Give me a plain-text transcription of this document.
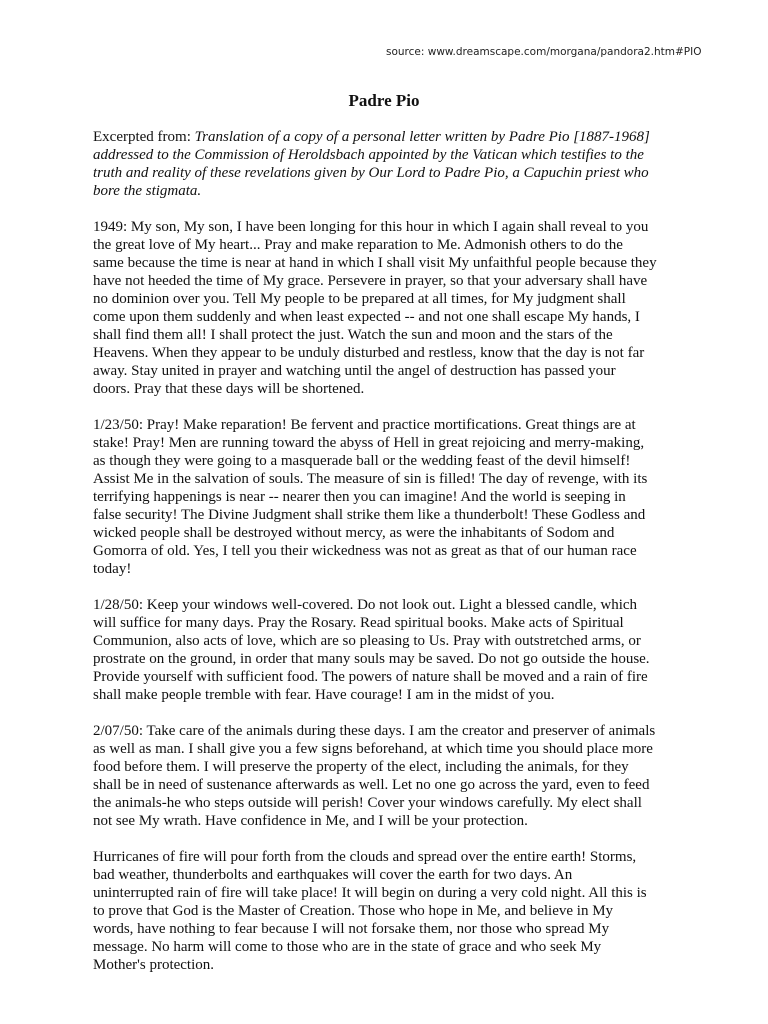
source: www.dreamscape.com/morgana/pandora2.htm#PIO
Padre Pio

Excerpted from: Translation of a copy of a personal letter written by Padre Pio [1887-1968]
addressed to the Commission of Heroldsbach appointed by the Vatican which testifies to the
truth and reality of these revelations given by Our Lord to Padre Pio, a Capuchin priest who
bore the stigmata.

1949: My son, My son, I have been longing for this hour in which I again shall reveal to you
the great love of My heart... Pray and make reparation to Me. Admonish others to do the
same because the time is near at hand in which I shall visit My unfaithful people because they
have not heeded the time of My grace. Persevere in prayer, so that your adversary shall have
no dominion over you. Tell My people to be prepared at all times, for My judgment shall
come upon them suddenly and when least expected -- and not one shall escape My hands, I
shall find them all! I shall protect the just. Watch the sun and moon and the stars of the
Heavens. When they appear to be unduly disturbed and restless, know that the day is not far
away. Stay united in prayer and watching until the angel of destruction has passed your
doors. Pray that these days will be shortened.

1/23/50: Pray! Make reparation! Be fervent and practice mortifications. Great things are at
stake! Pray! Men are running toward the abyss of Hell in great rejoicing and merry-making,
as though they were going to a masquerade ball or the wedding feast of the devil himself!
Assist Me in the salvation of souls. The measure of sin is filled! The day of revenge, with its
terrifying happenings is near -- nearer then you can imagine! And the world is seeping in
false security! The Divine Judgment shall strike them like a thunderbolt! These Godless and
wicked people shall be destroyed without mercy, as were the inhabitants of Sodom and
Gomorra of old. Yes, I tell you their wickedness was not as great as that of our human race
today!

1/28/50: Keep your windows well-covered. Do not look out. Light a blessed candle, which
will suffice for many days. Pray the Rosary. Read spiritual books. Make acts of Spiritual
Communion, also acts of love, which are so pleasing to Us. Pray with outstretched arms, or
prostrate on the ground, in order that many souls may be saved. Do not go outside the house.
Provide yourself with sufficient food. The powers of nature shall be moved and a rain of fire
shall make people tremble with fear. Have courage! I am in the midst of you.

2/07/50: Take care of the animals during these days. I am the creator and preserver of animals
as well as man. I shall give you a few signs beforehand, at which time you should place more
food before them. I will preserve the property of the elect, including the animals, for they
shall be in need of sustenance afterwards as well. Let no one go across the yard, even to feed
the animals-he who steps outside will perish! Cover your windows carefully. My elect shall
not see My wrath. Have confidence in Me, and I will be your protection.

Hurricanes of fire will pour forth from the clouds and spread over the entire earth! Storms,
bad weather, thunderbolts and earthquakes will cover the earth for two days. An
uninterrupted rain of fire will take place! It will begin on during a very cold night. All this is
to prove that God is the Master of Creation. Those who hope in Me, and believe in My
words, have nothing to fear because I will not forsake them, nor those who spread My
message. No harm will come to those who are in the state of grace and who seek My
Mother's protection.
